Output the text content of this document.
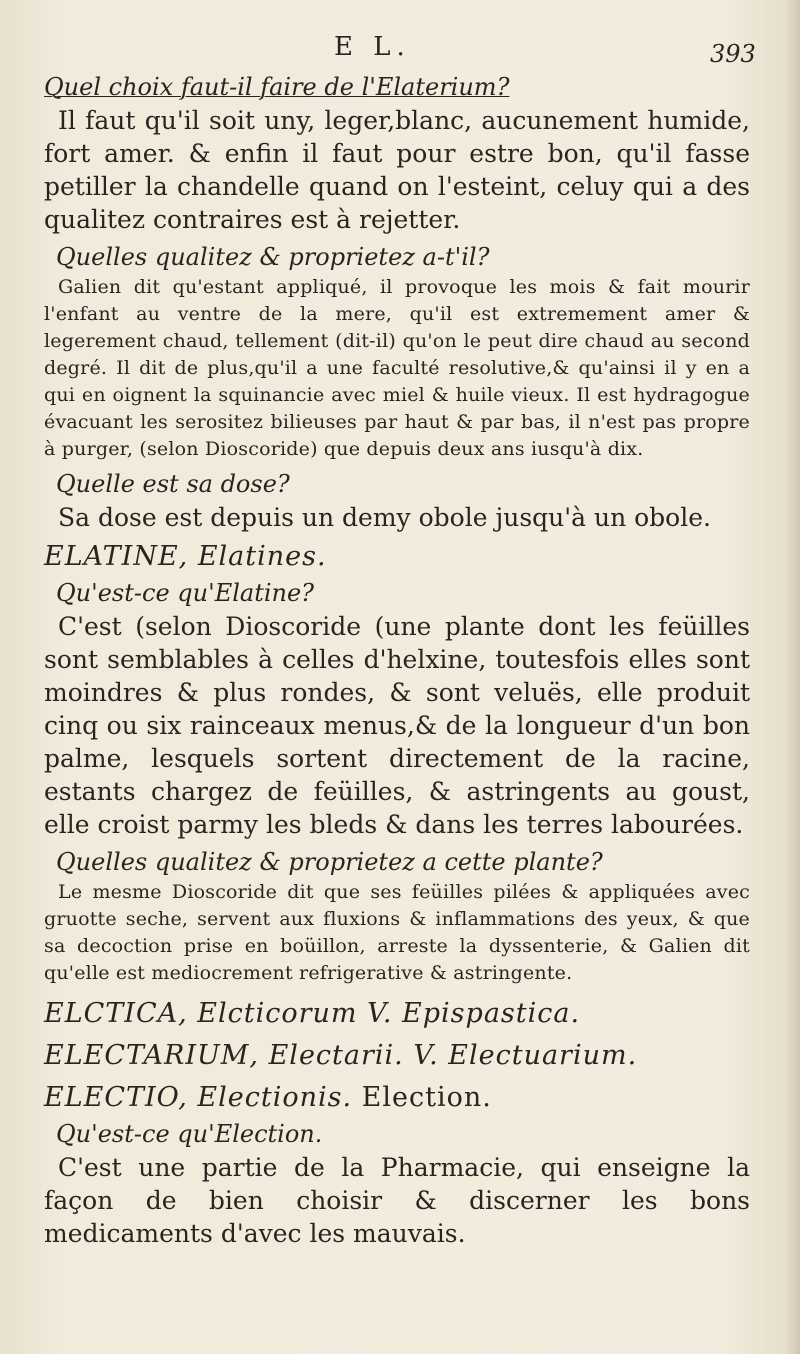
E L.	393

Quel choix faut-il faire de l'Elaterium?

Il faut qu'il soit uny, leger,blanc, aucunement humide, fort amer. & enfin il faut pour estre bon, qu'il fasse petiller la chandelle quand on l'esteint, celuy qui a des qualitez contraires est à rejetter.

Quelles qualitez & proprietez a-t'il?

Galien dit qu'estant appliqué, il provoque les mois & fait mourir l'enfant au ventre de la mere, qu'il est extremement amer & legerement chaud, tellement (dit-il) qu'on le peut dire chaud au second degré. Il dit de plus,qu'il a une faculté resolutive,& qu'ainsi il y en a qui en oignent la squinancie avec miel & huile vieux. Il est hydragogue évacuant les serositez bilieuses par haut & par bas, il n'est pas propre à purger, (selon Dioscoride) que depuis deux ans iusqu'à dix.

Quelle est sa dose?

Sa dose est depuis un demy obole jusqu'à un obole.

ELATINE, Elatines.

Qu'est-ce qu'Elatine?

C'est (selon Dioscoride (une plante dont les feüilles sont semblables à celles d'helxine, toutesfois elles sont moindres & plus rondes, & sont veluës, elle produit cinq ou six rainceaux menus,& de la longueur d'un bon palme, lesquels sortent directement de la racine, estants chargez de feüilles, & astringents au goust, elle croist parmy les bleds & dans les terres labourées.

Quelles qualitez & proprietez a cette plante?

Le mesme Dioscoride dit que ses feüilles pilées & appliquées avec gruotte seche, servent aux fluxions & inflammations des yeux, & que sa decoction prise en boüillon, arreste la dyssenterie, & Galien dit qu'elle est mediocrement refrigerative & astringente.

ELCTICA, Elcticorum V. Epispastica.

ELECTARIUM, Electarii. V. Electuarium.

ELECTIO, Electionis. Election.

Qu'est-ce qu'Election.

C'est une partie de la Pharmacie, qui enseigne la façon de bien choisir & discerner les bons medicaments d'avec les mauvais.
